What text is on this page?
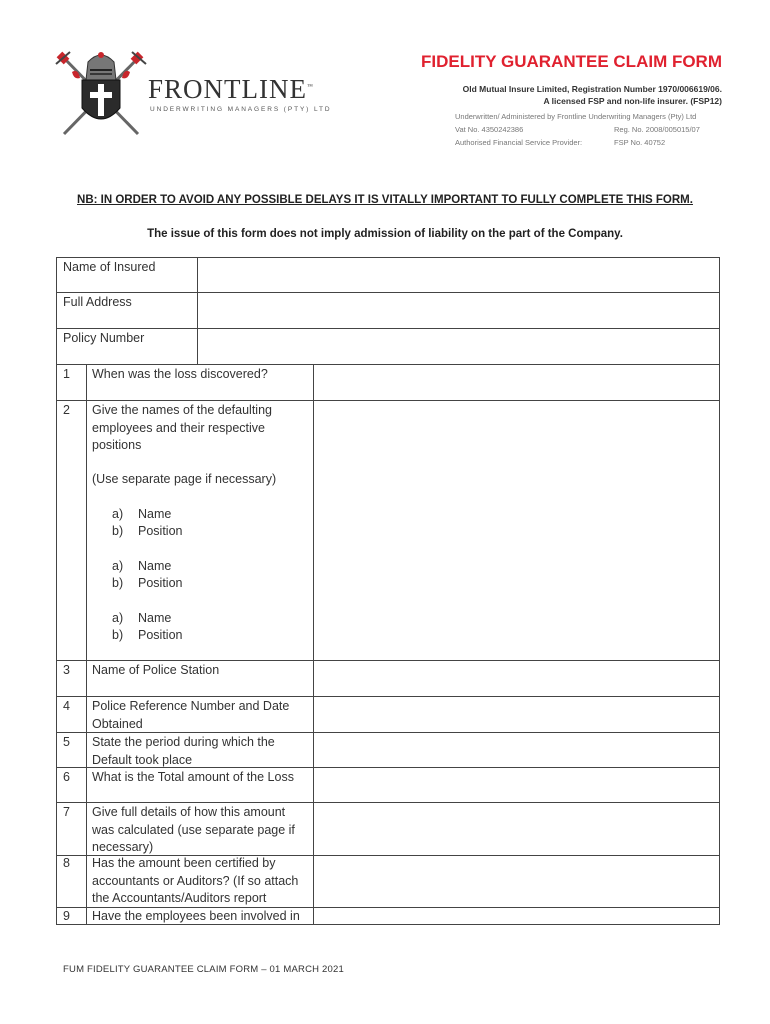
FRONTLINE™
UNDERWRITING MANAGERS (PTY) LTD
FIDELITY GUARANTEE CLAIM FORM
Old Mutual Insure Limited, Registration Number 1970/006619/06.
A licensed FSP and non-life insurer. (FSP12)
Underwritten/ Administered by Frontline Underwriting Managers (Pty) Ltd
Vat No. 4350242386	Reg. No. 2008/005015/07
Authorised Financial Service Provider:	FSP No. 40752
NB: IN ORDER TO AVOID ANY POSSIBLE DELAYS IT IS VITALLY IMPORTANT TO FULLY COMPLETE THIS FORM.
The issue of this form does not imply admission of liability on the part of the Company.
Name of Insured
Full Address
Policy Number
1 When was the loss discovered?
2 Give the names of the defaulting employees and their respective positions
(Use separate page if necessary)
a) Name
b) Position
a) Name
b) Position
a) Name
b) Position
3 Name of Police Station
4 Police Reference Number and Date Obtained
5 State the period during which the Default took place
6 What is the Total amount of the Loss
7 Give full details of how this amount was calculated (use separate page if necessary)
8 Has the amount been certified by accountants or Auditors? (If so attach the Accountants/Auditors report
9 Have the employees been involved in
FUM FIDELITY GUARANTEE CLAIM FORM – 01 MARCH 2021
